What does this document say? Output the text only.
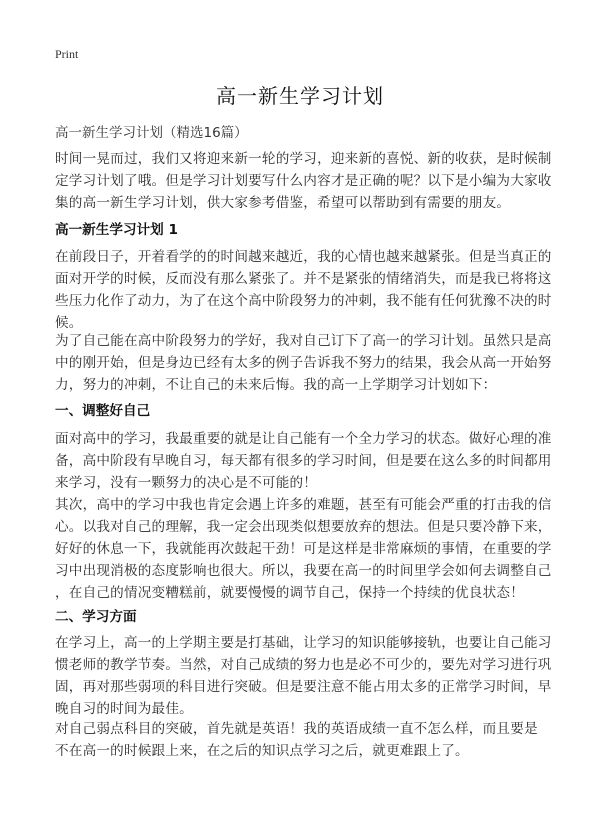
Print
高一新生学习计划
高一新生学习计划（精选16篇）
时间一晃而过，我们又将迎来新一轮的学习，迎来新的喜悦、新的收获，是时候制
定学习计划了哦。但是学习计划要写什么内容才是正确的呢？以下是小编为大家收
集的高一新生学习计划，供大家参考借鉴，希望可以帮助到有需要的朋友。
高一新生学习计划 1
在前段日子，开着看学的的时间越来越近，我的心情也越来越紧张。但是当真正的
面对开学的时候，反而没有那么紧张了。并不是紧张的情绪消失，而是我已将将这
些压力化作了动力，为了在这个高中阶段努力的冲刺，我不能有任何犹豫不决的时
候。
为了自己能在高中阶段努力的学好，我对自己订下了高一的学习计划。虽然只是高
中的刚开始，但是身边已经有太多的例子告诉我不努力的结果，我会从高一开始努
力，努力的冲刺，不让自己的未来后悔。我的高一上学期学习计划如下：
一、调整好自己
面对高中的学习，我最重要的就是让自己能有一个全力学习的状态。做好心理的准
备，高中阶段有早晚自习，每天都有很多的学习时间，但是要在这么多的时间都用
来学习，没有一颗努力的决心是不可能的！
其次，高中的学习中我也肯定会遇上许多的难题，甚至有可能会严重的打击我的信
心。以我对自己的理解，我一定会出现类似想要放弃的想法。但是只要冷静下来，
好好的休息一下，我就能再次鼓起干劲！可是这样是非常麻烦的事情，在重要的学
习中出现消极的态度影响也很大。所以，我要在高一的时间里学会如何去调整自己
，在自己的情况变糟糕前，就要慢慢的调节自己，保持一个持续的优良状态！
二、学习方面
在学习上，高一的上学期主要是打基础，让学习的知识能够接轨，也要让自己能习
惯老师的教学节奏。当然，对自己成绩的努力也是必不可少的，要先对学习进行巩
固，再对那些弱项的科目进行突破。但是要注意不能占用太多的正常学习时间，早
晚自习的时间为最佳。
对自己弱点科目的突破，首先就是英语！我的英语成绩一直不怎么样，而且要是
不在高一的时候跟上来，在之后的知识点学习之后，就更难跟上了。
